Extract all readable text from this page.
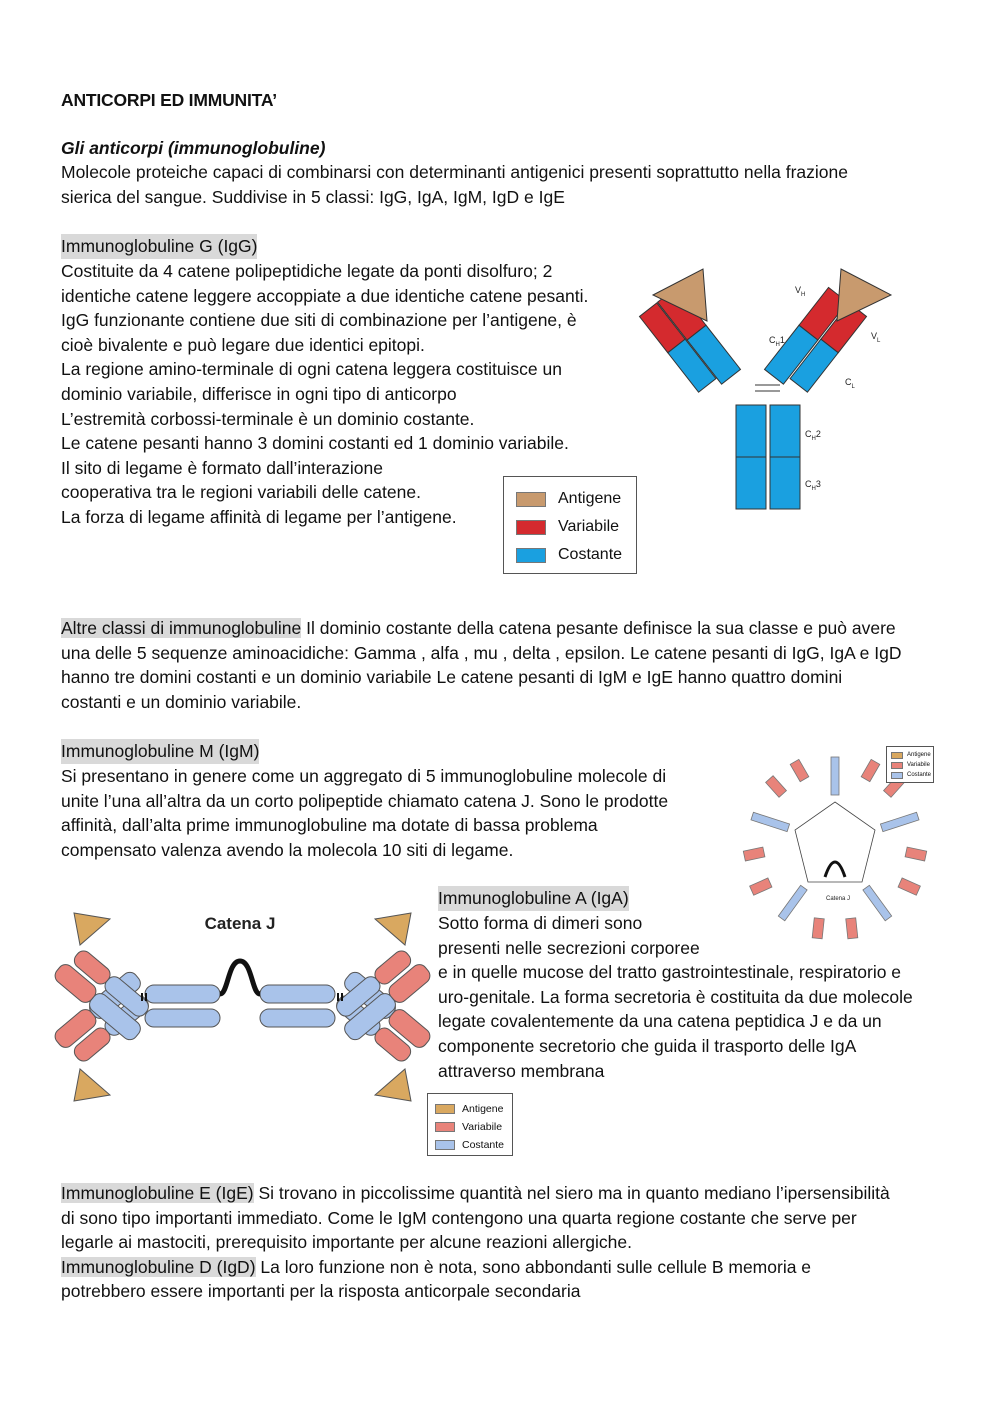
ANTICORPI ED IMMUNITA’
Gli anticorpi (immunoglobuline)
Molecole proteiche capaci di combinarsi con determinanti antigenici presenti soprattutto nella frazione
sierica del sangue. Suddivise in 5 classi: IgG, IgA, IgM, IgD e IgE
Immunoglobuline G (IgG)

Costituite da 4 catene polipeptidiche legate da ponti disolfuro; 2

identiche catene leggere accoppiate a due identiche catene pesanti.

IgG funzionante contiene due siti di combinazione per l’antigene, è

cioè bivalente e può legare due identici epitopi.

La regione amino-terminale di ogni catena leggera costituisce un

dominio variabile, differisce in ogni tipo di anticorpo

L’estremità corbossi-terminale è un dominio costante.

Le catene pesanti hanno 3 domini costanti ed 1 dominio variabile.

Il sito di legame è formato dall’interazione

cooperativa tra le regioni variabili delle catene.

La forza di legame affinità di legame per l’antigene.

$V_H$
$V_L$
$C_H1$
$C_L$
$C_H2$
$C_H3$
Antigene
Variabile
Costante

Altre classi di immunoglobuline Il dominio costante della catena pesante definisce la sua classe e può avere

una delle 5 sequenze aminoacidiche: Gamma , alfa , mu , delta , epsilon. Le catene pesanti di IgG, IgA e IgD

hanno tre domini costanti e un dominio variabile Le catene pesanti di IgM e IgE hanno quattro domini

costanti e un dominio variabile.

Immunoglobuline M (IgM)

Si presentano in genere come un aggregato di 5 immunoglobuline molecole di

unite l’una all’altra da un corto polipeptide chiamato catena J. Sono le prodotte

affinità, dall’alta prime immunoglobuline ma dotate di bassa problema

compensato valenza avendo la molecola 10 siti di legame.

Catena J
Antigene
Variabile
Costante
Catena J
Immunoglobuline A (IgA)

Sotto forma di dimeri sono

presenti nelle secrezioni corporee

e in quelle mucose del tratto gastrointestinale, respiratorio e

uro-genitale. La forma secretoria è costituita da due molecole

legate covalentemente da una catena peptidica J e da un

componente secretorio che guida il trasporto delle IgA

attraverso membrana

Antigene
Variabile
Costante

Immunoglobuline E (IgE) Si trovano in piccolissime quantità nel siero ma in quanto mediano l’ipersensibilità

di sono tipo importanti immediato. Come le IgM contengono una quarta regione costante che serve per

legarle ai mastociti, prerequisito importante per alcune reazioni allergiche.

Immunoglobuline D (IgD) La loro funzione non è nota, sono abbondanti sulle cellule B memoria e

potrebbero essere importanti per la risposta anticorpale secondaria
